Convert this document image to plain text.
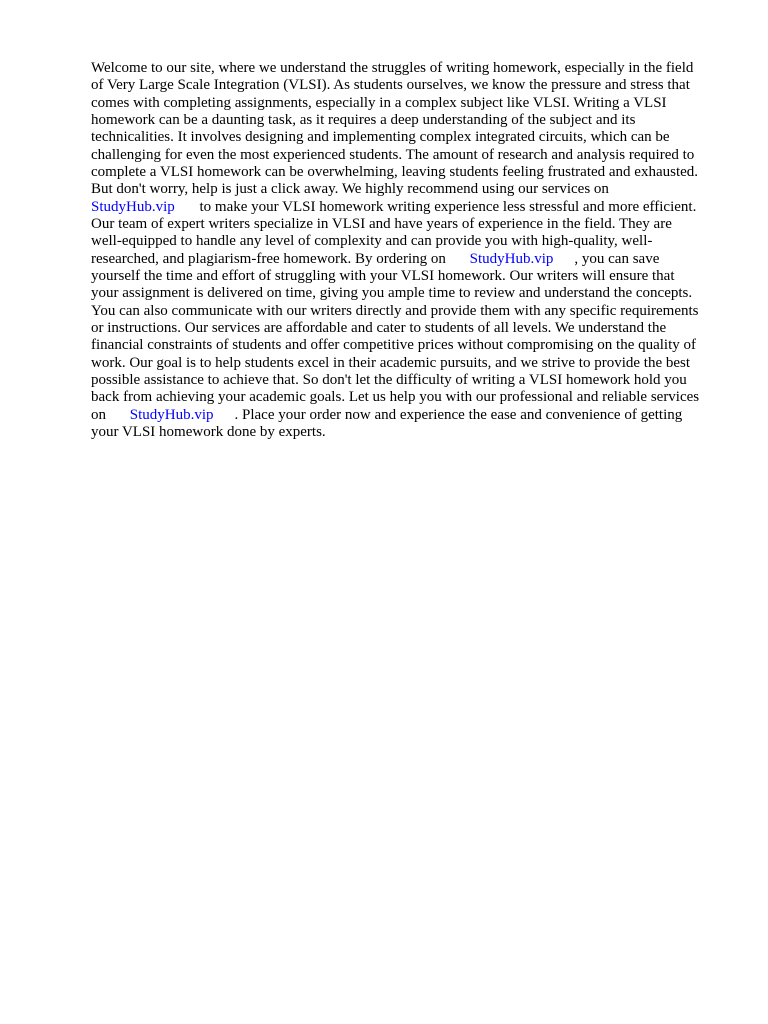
Welcome to our site, where we understand the struggles of writing homework, especially in the field
of Very Large Scale Integration (VLSI). As students ourselves, we know the pressure and stress that
comes with completing assignments, especially in a complex subject like VLSI. Writing a VLSI
homework can be a daunting task, as it requires a deep understanding of the subject and its
technicalities. It involves designing and implementing complex integrated circuits, which can be
challenging for even the most experienced students. The amount of research and analysis required to
complete a VLSI homework can be overwhelming, leaving students feeling frustrated and exhausted.
But don't worry, help is just a click away. We highly recommend using our services on
StudyHub.vip to make your VLSI homework writing experience less stressful and more efficient.
Our team of expert writers specialize in VLSI and have years of experience in the field. They are
well-equipped to handle any level of complexity and can provide you with high-quality, well-
researched, and plagiarism-free homework. By ordering on StudyHub.vip , you can save
yourself the time and effort of struggling with your VLSI homework. Our writers will ensure that
your assignment is delivered on time, giving you ample time to review and understand the concepts.
You can also communicate with our writers directly and provide them with any specific requirements
or instructions. Our services are affordable and cater to students of all levels. We understand the
financial constraints of students and offer competitive prices without compromising on the quality of
work. Our goal is to help students excel in their academic pursuits, and we strive to provide the best
possible assistance to achieve that. So don't let the difficulty of writing a VLSI homework hold you
back from achieving your academic goals. Let us help you with our professional and reliable services
on StudyHub.vip . Place your order now and experience the ease and convenience of getting
your VLSI homework done by experts.
